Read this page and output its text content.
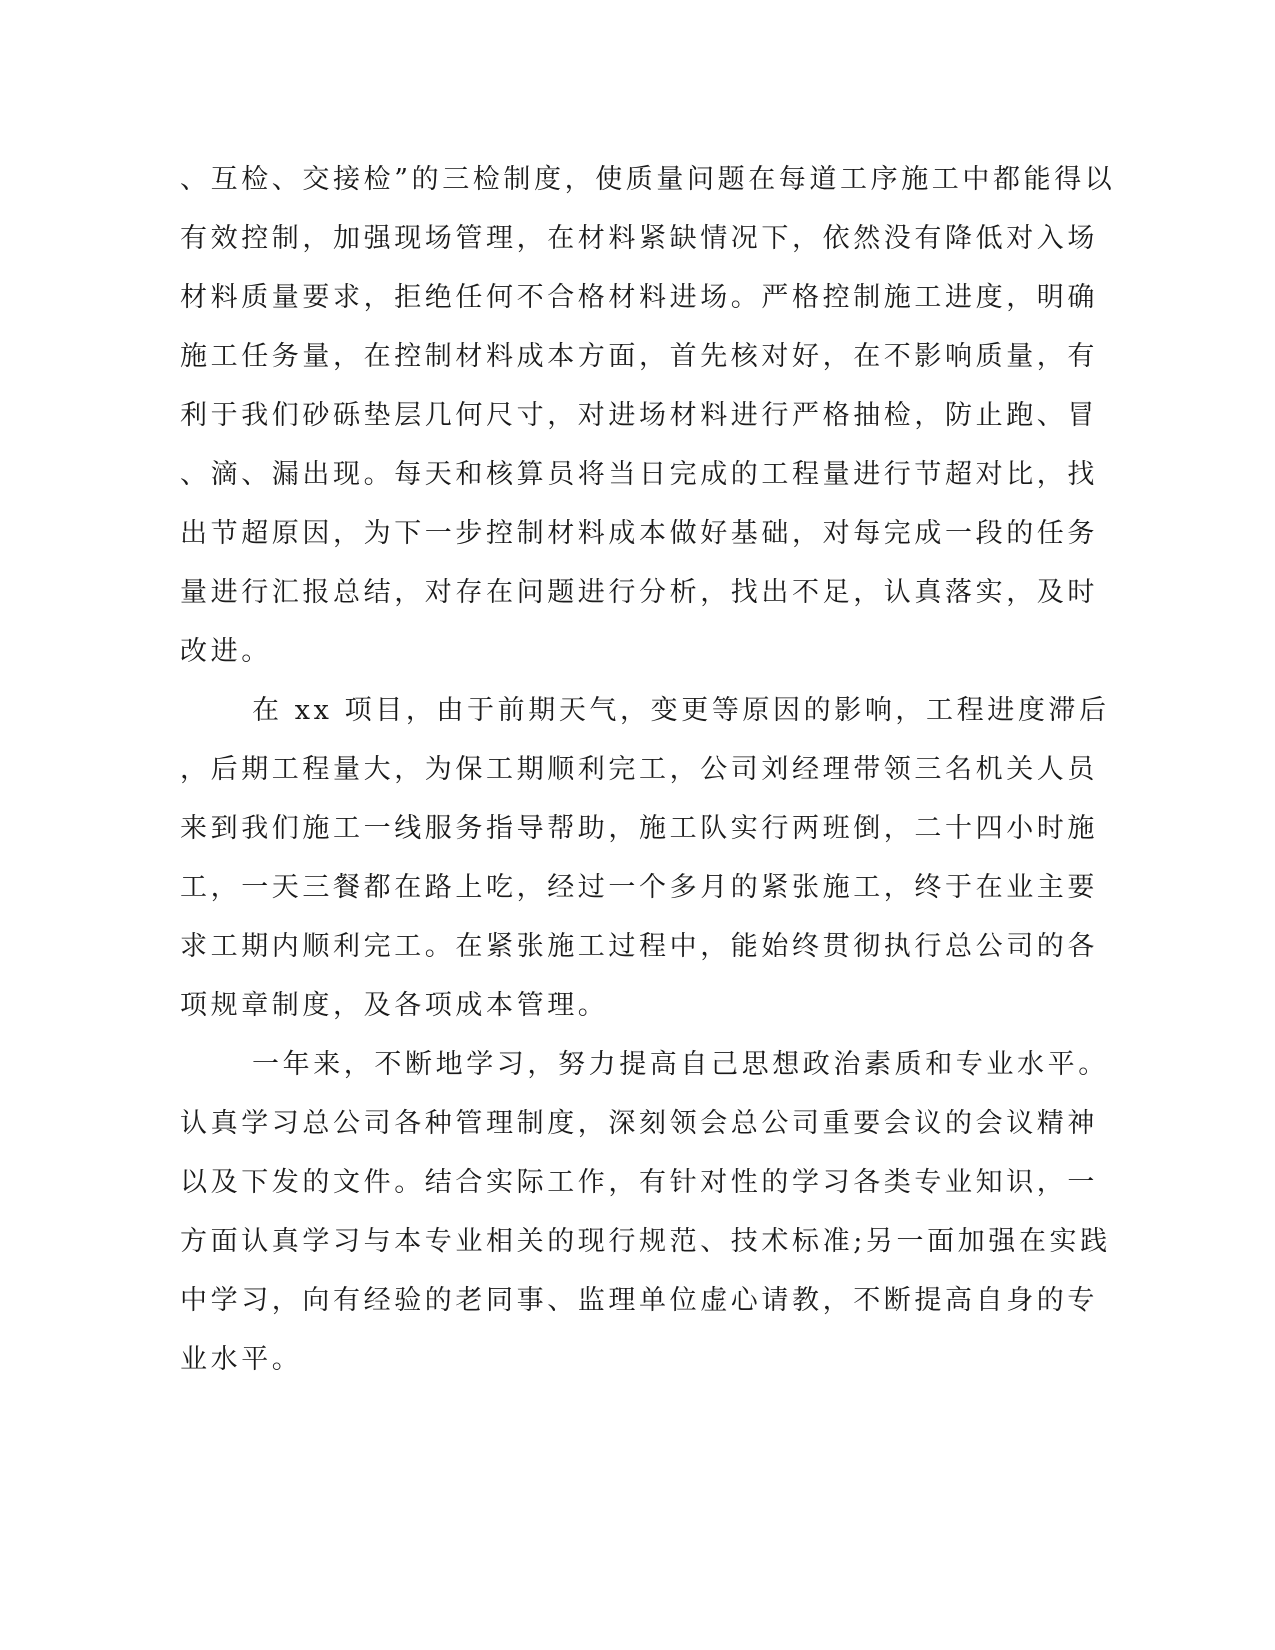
、互检、交接检”的三检制度，使质量问题在每道工序施工中都能得以
有效控制，加强现场管理，在材料紧缺情况下，依然没有降低对入场
材料质量要求，拒绝任何不合格材料进场。严格控制施工进度，明确
施工任务量，在控制材料成本方面，首先核对好，在不影响质量，有
利于我们砂砾垫层几何尺寸，对进场材料进行严格抽检，防止跑、冒
、滴、漏出现。每天和核算员将当日完成的工程量进行节超对比，找
出节超原因，为下一步控制材料成本做好基础，对每完成一段的任务
量进行汇报总结，对存在问题进行分析，找出不足，认真落实，及时
改进。
在 xx 项目，由于前期天气，变更等原因的影响，工程进度滞后
，后期工程量大，为保工期顺利完工，公司刘经理带领三名机关人员
来到我们施工一线服务指导帮助，施工队实行两班倒，二十四小时施
工，一天三餐都在路上吃，经过一个多月的紧张施工，终于在业主要
求工期内顺利完工。在紧张施工过程中，能始终贯彻执行总公司的各
项规章制度，及各项成本管理。
一年来，不断地学习，努力提高自己思想政治素质和专业水平。
认真学习总公司各种管理制度，深刻领会总公司重要会议的会议精神
以及下发的文件。结合实际工作，有针对性的学习各类专业知识，一
方面认真学习与本专业相关的现行规范、技术标准;另一面加强在实践
中学习，向有经验的老同事、监理单位虚心请教，不断提高自身的专
业水平。
